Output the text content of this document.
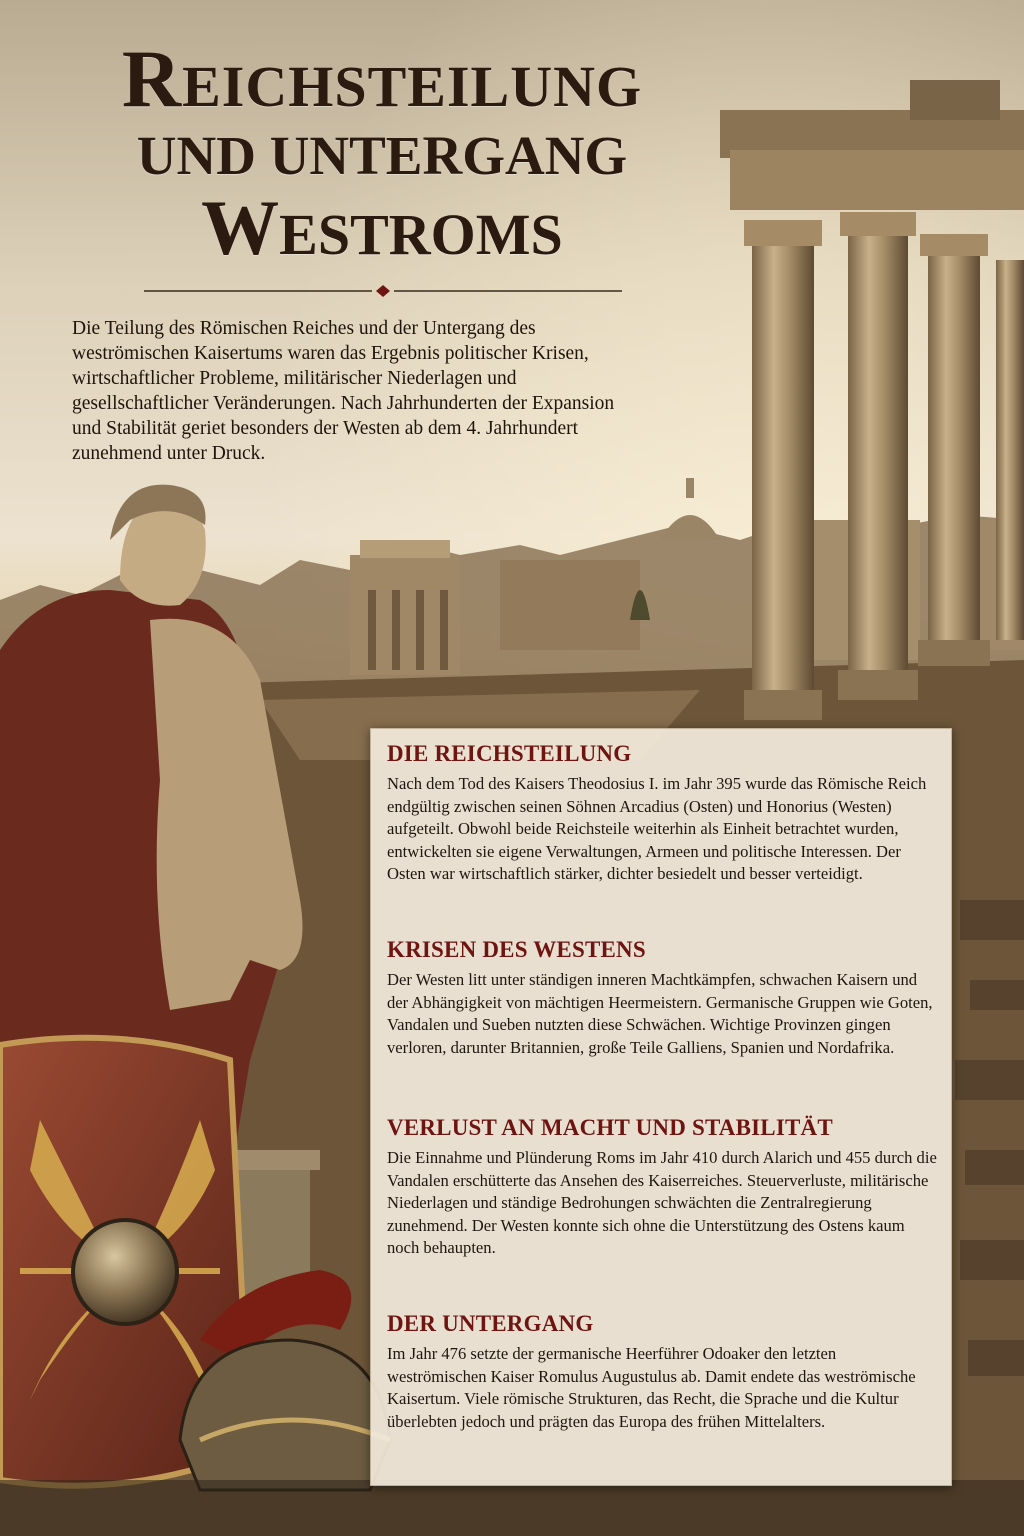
REICHSTEILUNG
UND UNTERGANG
WESTROMS

Die Teilung des Römischen Reiches und der Untergang des weströmischen Kaisertums waren das Ergebnis politischer Krisen, wirtschaftlicher Probleme, militärischer Niederlagen und gesellschaftlicher Veränderungen. Nach Jahrhunderten der Expansion und Stabilität geriet besonders der Westen ab dem 4. Jahrhundert zunehmend unter Druck.

DIE REICHSTEILUNG

Nach dem Tod des Kaisers Theodosius I. im Jahr 395 wurde das Römische Reich endgültig zwischen seinen Söhnen Arcadius (Osten) und Honorius (Westen) aufgeteilt. Obwohl beide Reichsteile weiterhin als Einheit betrachtet wurden, entwickelten sie eigene Verwaltungen, Armeen und politische Interessen. Der Osten war wirtschaftlich stärker, dichter besiedelt und besser verteidigt.

KRISEN DES WESTENS

Der Westen litt unter ständigen inneren Machtkämpfen, schwachen Kaisern und der Abhängigkeit von mächtigen Heermeistern. Germanische Gruppen wie Goten, Vandalen und Sueben nutzten diese Schwächen. Wichtige Provinzen gingen verloren, darunter Britannien, große Teile Galliens, Spanien und Nordafrika.

VERLUST AN MACHT UND STABILITÄT

Die Einnahme und Plünderung Roms im Jahr 410 durch Alarich und 455 durch die Vandalen erschütterte das Ansehen des Kaiserreiches. Steuerverluste, militärische Niederlagen und ständige Bedrohungen schwächten die Zentralregierung zunehmend. Der Westen konnte sich ohne die Unterstützung des Ostens kaum noch behaupten.

DER UNTERGANG

Im Jahr 476 setzte der germanische Heerführer Odoaker den letzten weströmischen Kaiser Romulus Augustulus ab. Damit endete das weströmische Kaisertum. Viele römische Strukturen, das Recht, die Sprache und die Kultur überlebten jedoch und prägten das Europa des frühen Mittelalters.
